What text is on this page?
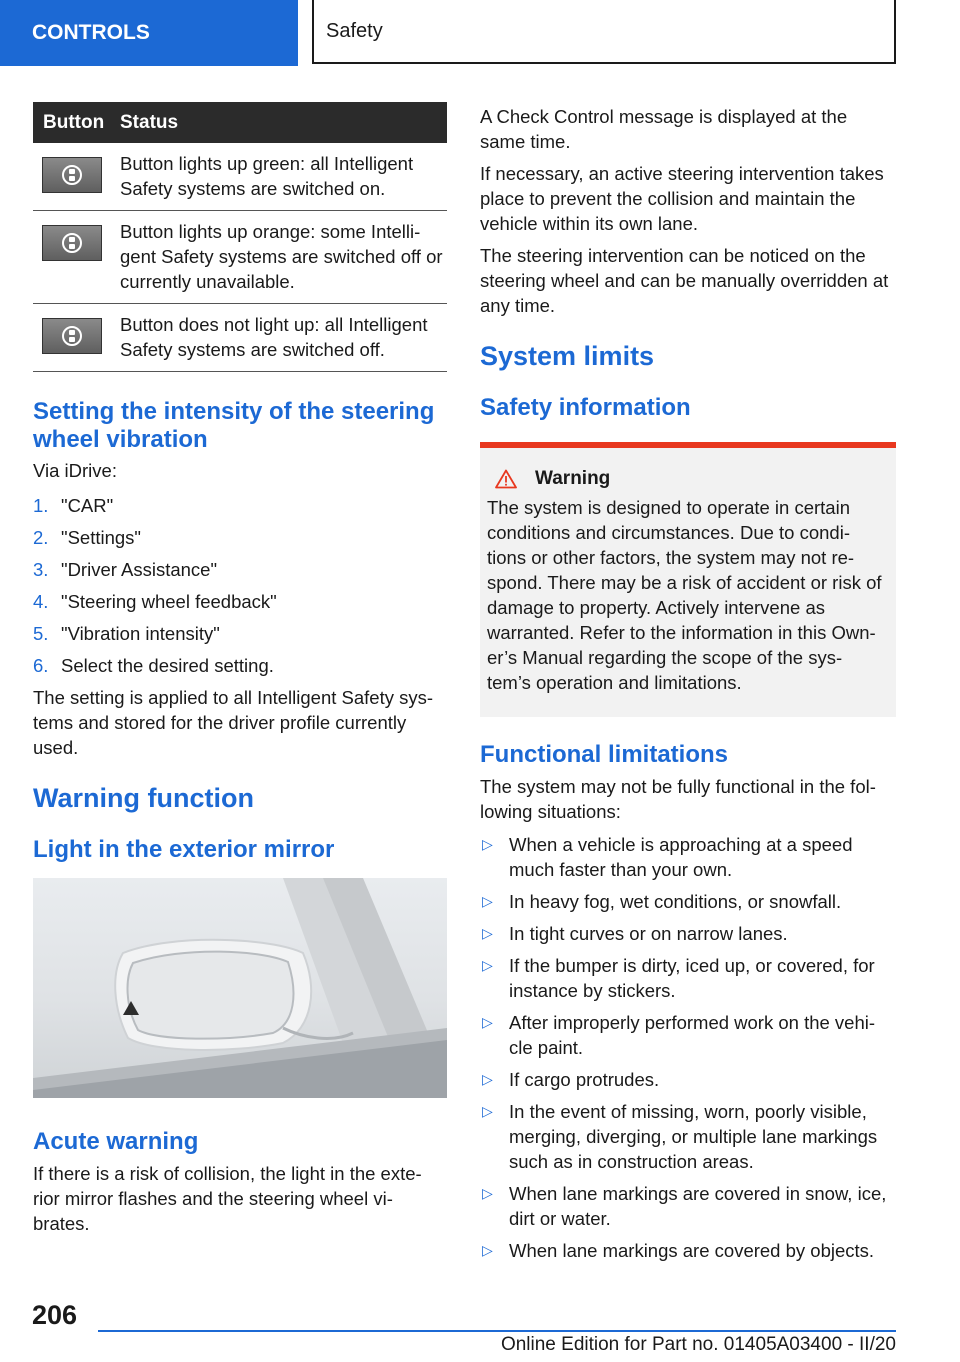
CONTROLS	Safety
Button	Status

	Button lights up green: all Intelligent Safety systems are switched on.

	Button lights up orange: some Intelli- gent Safety systems are switched off or currently unavailable.

	Button does not light up: all Intelligent Safety systems are switched off.
Setting the intensity of the steering wheel vibration

Via iDrive:

1. "CAR"
2. "Settings"
3. "Driver Assistance"
4. "Steering wheel feedback"
5. "Vibration intensity"
6. Select the desired setting.

The setting is applied to all Intelligent Safety sys- tems and stored for the driver profile currently used.

Warning function
Light in the exterior mirror
Acute warning

If there is a risk of collision, the light in the exte- rior mirror flashes and the steering wheel vi- brates.

A Check Control message is displayed at the same time.

If necessary, an active steering intervention takes place to prevent the collision and maintain the vehicle within its own lane.

The steering intervention can be noticed on the steering wheel and can be manually overridden at any time.

System limits
Safety information
Warning

The system is designed to operate in certain conditions and circumstances. Due to condi- tions or other factors, the system may not re- spond. There may be a risk of accident or risk of damage to property. Actively intervene as warranted. Refer to the information in this Own- er’s Manual regarding the scope of the sys- tem’s operation and limitations.

Functional limitations

The system may not be fully functional in the fol- lowing situations:

▷ When a vehicle is approaching at a speed much faster than your own.
▷ In heavy fog, wet conditions, or snowfall.
▷ In tight curves or on narrow lanes.
▷ If the bumper is dirty, iced up, or covered, for instance by stickers.
▷ After improperly performed work on the vehi- cle paint.
▷ If cargo protrudes.
▷ In the event of missing, worn, poorly visible, merging, diverging, or multiple lane markings such as in construction areas.
▷ When lane markings are covered in snow, ice, dirt or water.
▷ When lane markings are covered by objects.
206
Online Edition for Part no. 01405A03400 - II/20
